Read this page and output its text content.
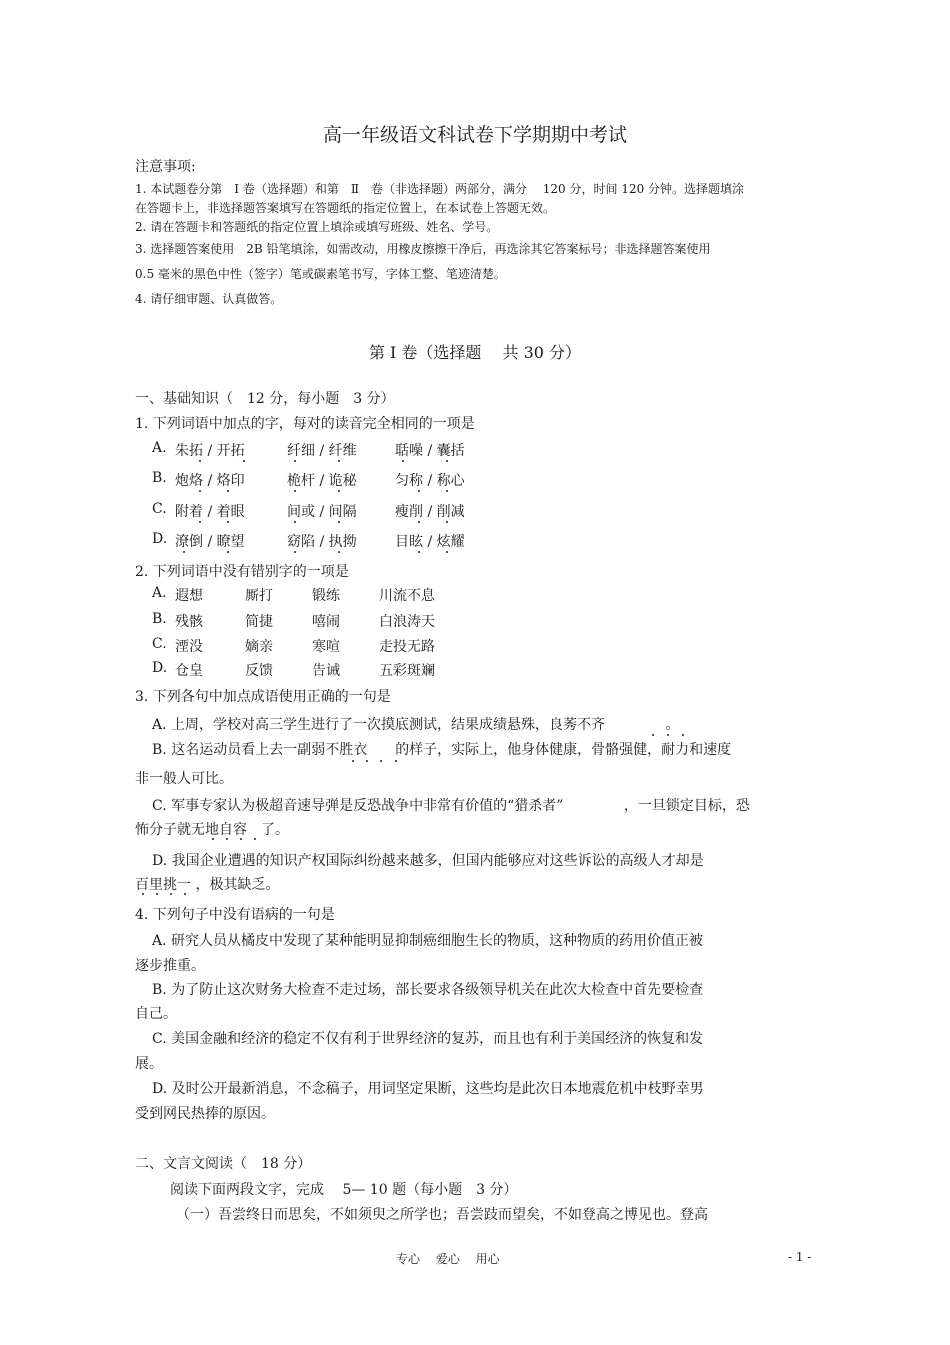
高一年级语文科试卷下学期期中考试
注意事项:
1. 本试题卷分第　Ⅰ 卷（选择题）和第　Ⅱ　卷（非选择题）两部分，满分　 120 分，时间 120 分钟。选择题填涂
在答题卡上，非选择题答案填写在答题纸的指定位置上，在本试卷上答题无效。
2. 请在答题卡和答题纸的指定位置上填涂或填写班级、姓名、学号。
3. 选择题答案使用　2B 铅笔填涂，如需改动，用橡皮擦擦干净后，再选涂其它答案标号；非选择题答案使用
0.5 毫米的黑色中性（签字）笔或碳素笔书写，字体工整、笔迹清楚。
4. 请仔细审题、认真做答。
第 Ⅰ 卷（选择题　 共 30 分）
一、基础知识（　12 分，每小题　3 分）
1. 下列词语中加点的字，每对的读音完全相同的一项是
A. 朱拓 / 开拓	纤细 / 纤维	聒噪 / 囊括
B. 炮烙 / 烙印	桅杆 / 诡秘	匀称 / 称心
C. 附着 / 着眼	间或 / 间隔	瘦削 / 削减
D. 潦倒 / 瞭望	窈陷 / 执拗	目眩 / 炫耀
2. 下列词语中没有错别字的一项是
A. 遐想	厮打	锻练	川流不息
B. 残骸	简捷	嘻闹	白浪涛天
C. 湮没	嫡亲	寒喧	走投无路
D. 仓皇	反馈	告诫	五彩斑斓
3. 下列各句中加点成语使用正确的一句是
A. 上周，学校对高三学生进行了一次摸底测试，结果成绩悬殊，良莠不齐　　　　 。
B. 这名运动员看上去一副弱不胜衣　　的样子，实际上，他身体健康，骨骼强健，耐力和速度
非一般人可比。
C. 军事专家认为极超音速导弹是反恐战争中非常有价值的“猎杀者”　　　　 ，一旦锁定目标，恐
怖分子就无地自容　了。
D. 我国企业遭遇的知识产权国际纠纷越来越多，但国内能够应对这些诉讼的高级人才却是
百里挑一 ，极其缺乏。
4. 下列句子中没有语病的一句是
A. 研究人员从橘皮中发现了某种能明显抑制癌细胞生长的物质，这种物质的药用价值正被
逐步推重。
B. 为了防止这次财务大检查不走过场，部长要求各级领导机关在此次大检查中首先要检查
自己。
C. 美国金融和经济的稳定不仅有利于世界经济的复苏，而且也有利于美国经济的恢复和发
展。
D. 及时公开最新消息，不念稿子，用词坚定果断，这些均是此次日本地震危机中枝野幸男
受到网民热捧的原因。
二、文言文阅读（　18 分）
阅读下面两段文字，完成　 5— 10 题（每小题　3 分）
（一）吾尝终日而思矣，不如须臾之所学也；吾尝跂而望矣，不如登高之博见也。登高
专心　 爱心　 用心	- 1 -
